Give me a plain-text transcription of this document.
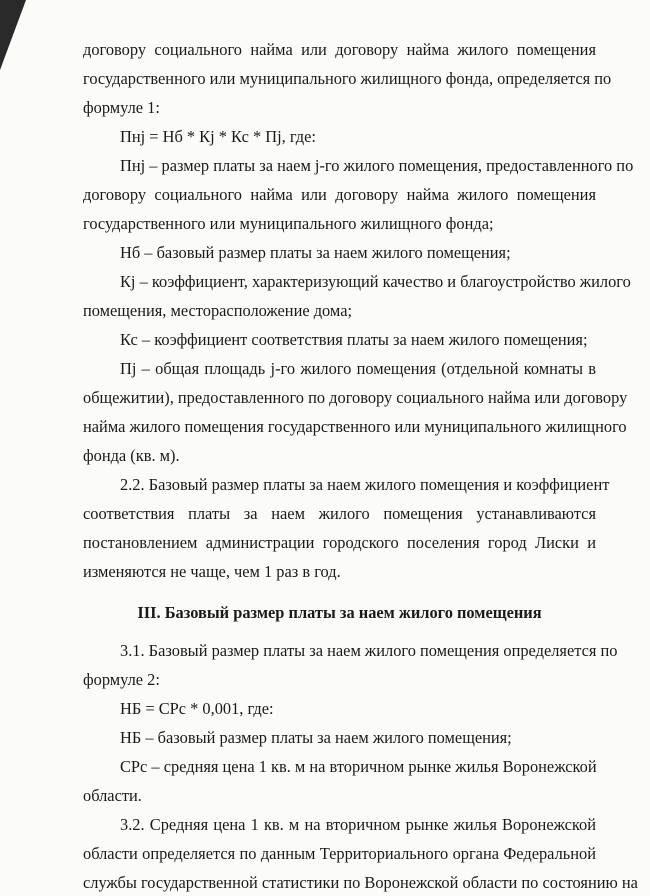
договору социального найма или договору найма жилого помещения
государственного или муниципального жилищного фонда, определяется по
формуле 1:
Пнj = Нб * Кj * Кс * Пj, где:
Пнj – размер платы за наем j-го жилого помещения, предоставленного по
договору социального найма или договору найма жилого помещения
государственного или муниципального жилищного фонда;
Нб – базовый размер платы за наем жилого помещения;
Кj – коэффициент, характеризующий качество и благоустройство жилого
помещения, месторасположение дома;
Кс – коэффициент соответствия платы за наем жилого помещения;
Пj – общая площадь j-го жилого помещения (отдельной комнаты в
общежитии), предоставленного по договору социального найма или договору
найма жилого помещения государственного или муниципального жилищного
фонда (кв. м).
2.2. Базовый размер платы за наем жилого помещения и коэффициент
соответствия платы за наем жилого помещения устанавливаются
постановлением администрации городского поселения город Лиски и
изменяются не чаще, чем 1 раз в год.
III. Базовый размер платы за наем жилого помещения
3.1. Базовый размер платы за наем жилого помещения определяется по
формуле 2:
НБ = СРс * 0,001, где:
НБ – базовый размер платы за наем жилого помещения;
СРс – средняя цена 1 кв. м на вторичном рынке жилья Воронежской
области.
3.2. Средняя цена 1 кв. м на вторичном рынке жилья Воронежской
области определяется по данным Территориального органа Федеральной
службы государственной статистики по Воронежской области по состоянию на
